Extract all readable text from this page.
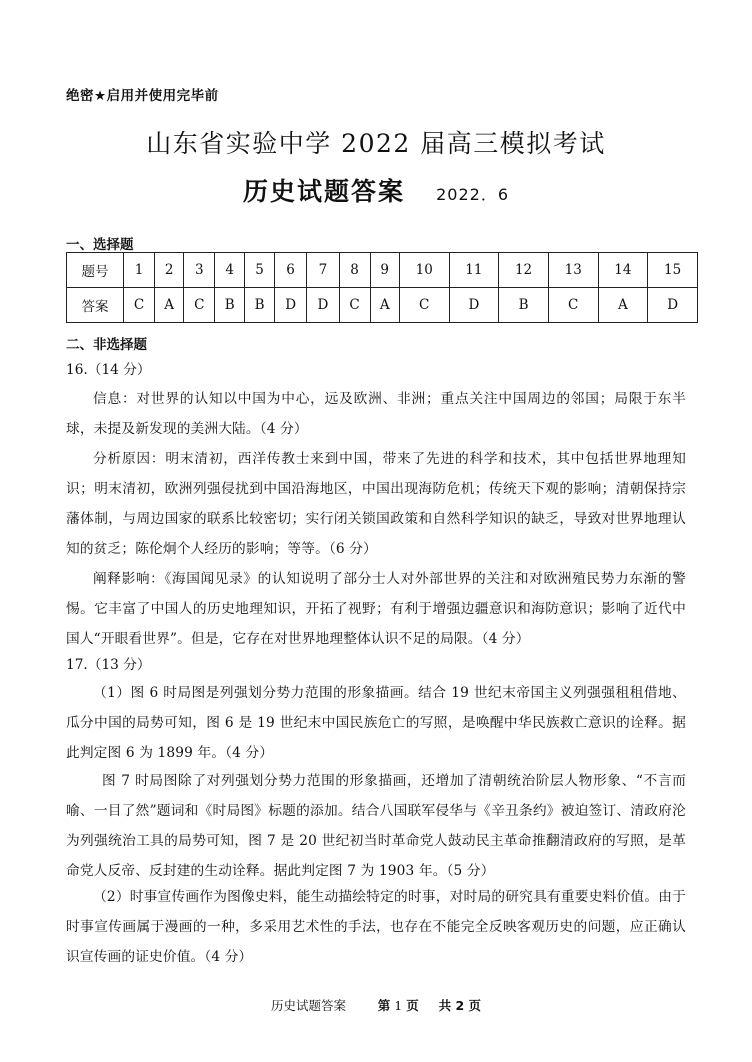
绝密★启用并使用完毕前
山东省实验中学 2022 届高三模拟考试
历史试题答案 2022．6
一、选择题
题号	1	2	3	4	5	6	7	8	9	10	11	12	13	14	15
答案	C	A	C	B	B	D	D	C	A	C	D	B	C	A	D
二、非选择题
16.（14 分）
信息：对世界的认知以中国为中心，远及欧洲、非洲；重点关注中国周边的邻国；局限于东半球，未提及新发现的美洲大陆。（4 分）
分析原因：明末清初，西洋传教士来到中国，带来了先进的科学和技术，其中包括世界地理知识；明末清初，欧洲列强侵扰到中国沿海地区，中国出现海防危机；传统天下观的影响；清朝保持宗藩体制，与周边国家的联系比较密切；实行闭关锁国政策和自然科学知识的缺乏，导致对世界地理认知的贫乏；陈伦炯个人经历的影响；等等。（6 分）
阐释影响：《海国闻见录》的认知说明了部分士人对外部世界的关注和对欧洲殖民势力东渐的警惕。它丰富了中国人的历史地理知识，开拓了视野；有利于增强边疆意识和海防意识；影响了近代中国人“开眼看世界”。但是，它存在对世界地理整体认识不足的局限。（4 分）
17.（13 分）
（1）图 6 时局图是列强划分势力范围的形象描画。结合 19 世纪末帝国主义列强强租租借地、瓜分中国的局势可知，图 6 是 19 世纪末中国民族危亡的写照，是唤醒中华民族救亡意识的诠释。据此判定图 6 为 1899 年。（4 分）
图 7 时局图除了对列强划分势力范围的形象描画，还增加了清朝统治阶层人物形象、“不言而喻、一目了然”题词和《时局图》标题的添加。结合八国联军侵华与《辛丑条约》被迫签订、清政府沦为列强统治工具的局势可知，图 7 是 20 世纪初当时革命党人鼓动民主革命推翻清政府的写照，是革命党人反帝、反封建的生动诠释。据此判定图 7 为 1903 年。（5 分）
（2）时事宣传画作为图像史料，能生动描绘特定的时事，对时局的研究具有重要史料价值。由于时事宣传画属于漫画的一种，多采用艺术性的手法，也存在不能完全反映客观历史的问题，应正确认识宣传画的证史价值。（4 分）
历史试题答案	第 1 页 共 2 页
